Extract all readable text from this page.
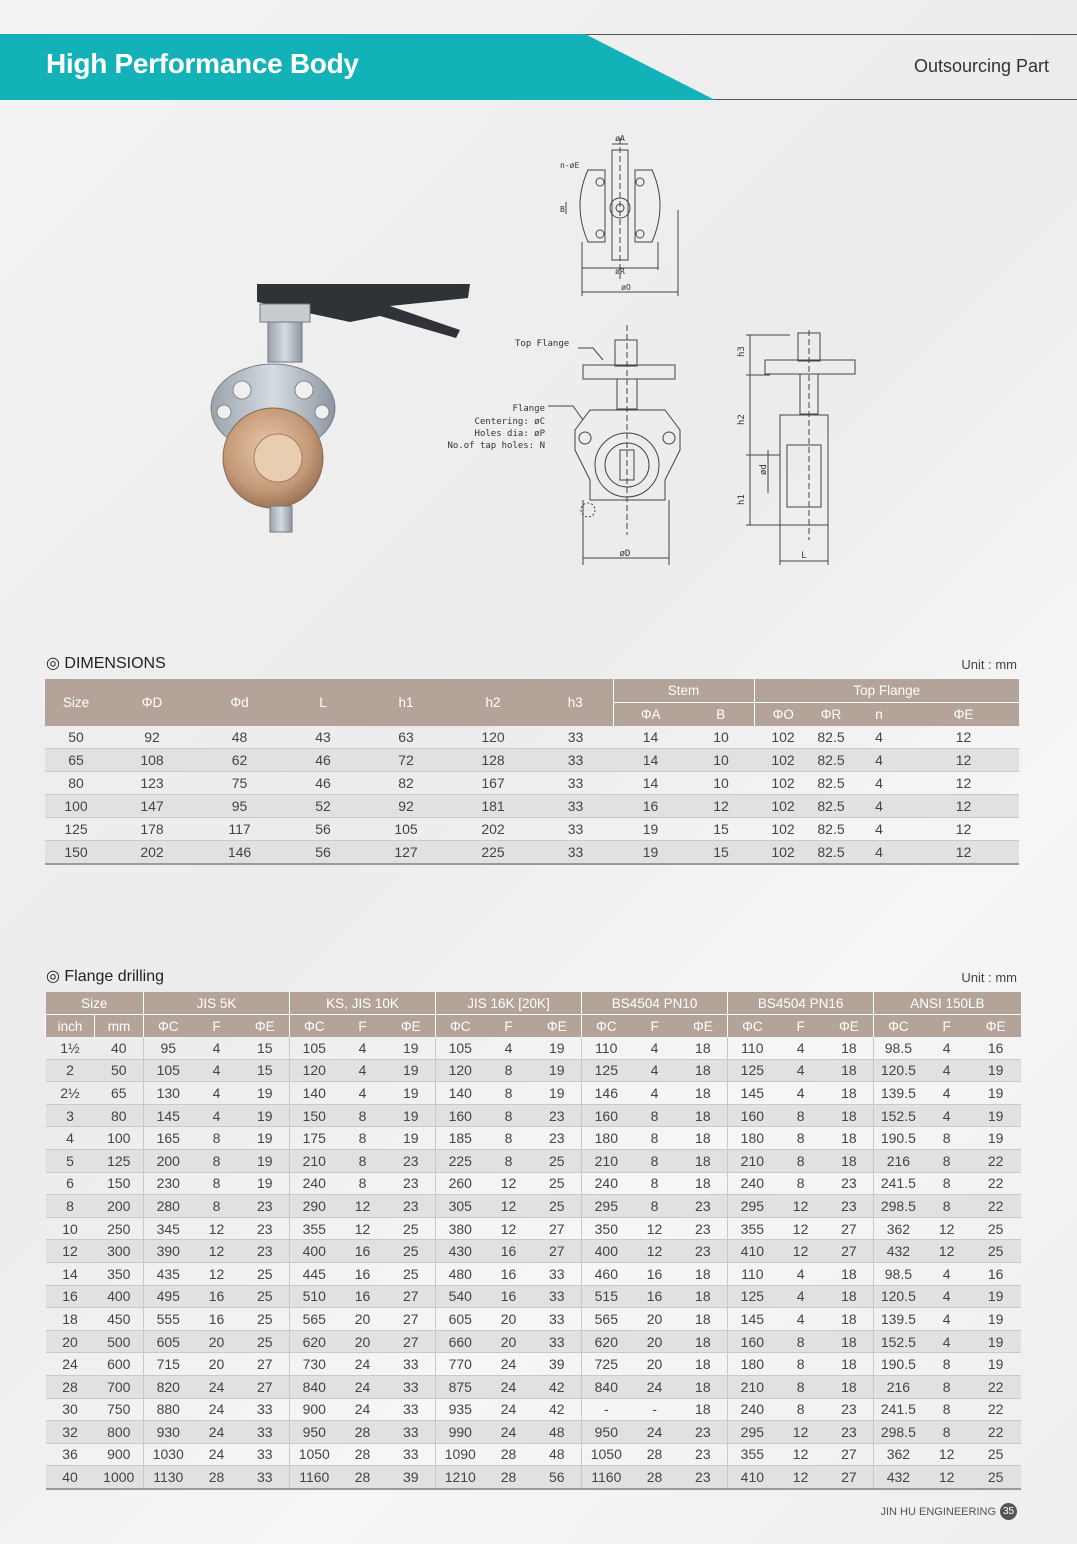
High Performance Body	Outsourcing Part
øA
n-øE
B
øR
øO
Top Flange
Flange
Centering: øC
Holes dia: øP
No.of tap holes: N
øD
h3
h2
h1
ød
L
◎ DIMENSIONS	Unit : mm
Size	ΦD	Φd	L	h1	h2	h3	Stem		Top Flange			
							ΦA	B	ΦO	ΦR	n	ΦE
50	92	48	43	63	120	33	14	10	102	82.5	4	12
65	108	62	46	72	128	33	14	10	102	82.5	4	12
80	123	75	46	82	167	33	14	10	102	82.5	4	12
100	147	95	52	92	181	33	16	12	102	82.5	4	12
125	178	117	56	105	202	33	19	15	102	82.5	4	12
150	202	146	56	127	225	33	19	15	102	82.5	4	12
◎ Flange drilling	Unit : mm
Size		JIS 5K			KS, JIS 10K			JIS 16K [20K]			BS4504 PN10			BS4504 PN16			ANSI 150LB		
inch	mm	ΦC	F	ΦE	ΦC	F	ΦE	ΦC	F	ΦE	ΦC	F	ΦE	ΦC	F	ΦE	ΦC	F	ΦE
1½	40	95	4	15	105	4	19	105	4	19	110	4	18	110	4	18	98.5	4	16
2	50	105	4	15	120	4	19	120	8	19	125	4	18	125	4	18	120.5	4	19
2½	65	130	4	19	140	4	19	140	8	19	146	4	18	145	4	18	139.5	4	19
3	80	145	4	19	150	8	19	160	8	23	160	8	18	160	8	18	152.5	4	19
4	100	165	8	19	175	8	19	185	8	23	180	8	18	180	8	18	190.5	8	19
5	125	200	8	19	210	8	23	225	8	25	210	8	18	210	8	18	216	8	22
6	150	230	8	19	240	8	23	260	12	25	240	8	18	240	8	23	241.5	8	22
8	200	280	8	23	290	12	23	305	12	25	295	8	23	295	12	23	298.5	8	22
10	250	345	12	23	355	12	25	380	12	27	350	12	23	355	12	27	362	12	25
12	300	390	12	23	400	16	25	430	16	27	400	12	23	410	12	27	432	12	25
14	350	435	12	25	445	16	25	480	16	33	460	16	18	110	4	18	98.5	4	16
16	400	495	16	25	510	16	27	540	16	33	515	16	18	125	4	18	120.5	4	19
18	450	555	16	25	565	20	27	605	20	33	565	20	18	145	4	18	139.5	4	19
20	500	605	20	25	620	20	27	660	20	33	620	20	18	160	8	18	152.5	4	19
24	600	715	20	27	730	24	33	770	24	39	725	20	18	180	8	18	190.5	8	19
28	700	820	24	27	840	24	33	875	24	42	840	24	18	210	8	18	216	8	22
30	750	880	24	33	900	24	33	935	24	42	-	-	18	240	8	23	241.5	8	22
32	800	930	24	33	950	28	33	990	24	48	950	24	23	295	12	23	298.5	8	22
36	900	1030	24	33	1050	28	33	1090	28	48	1050	28	23	355	12	27	362	12	25
40	1000	1130	28	33	1160	28	39	1210	28	56	1160	28	23	410	12	27	432	12	25
JIN HU ENGINEERING 35
